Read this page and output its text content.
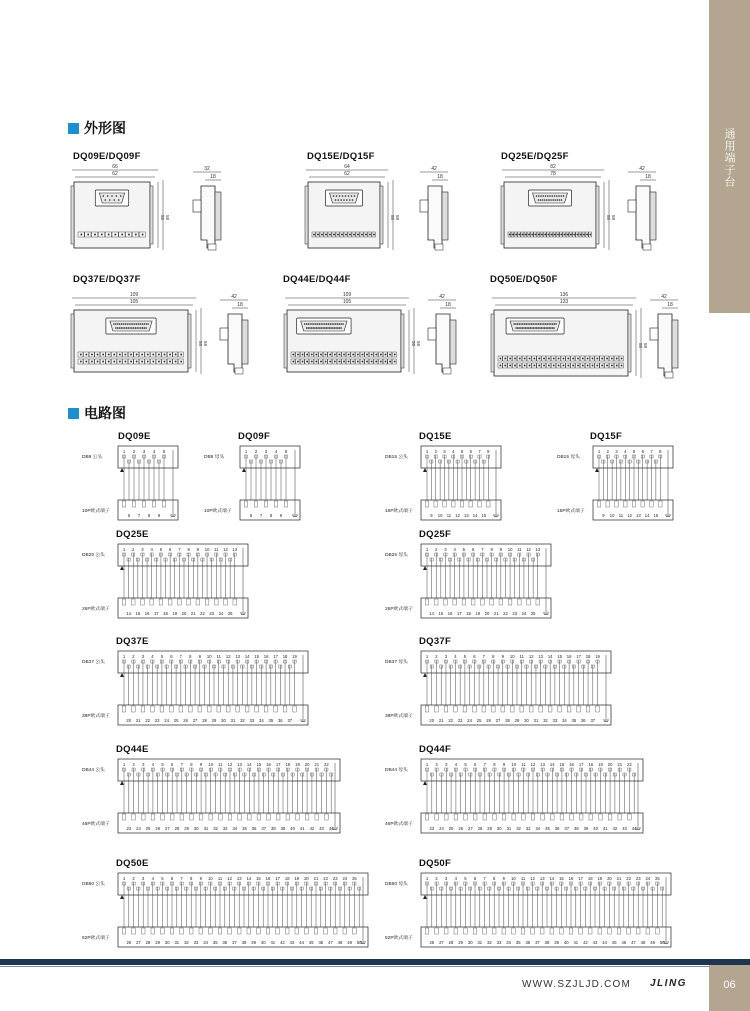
通用端子台
外形图
DQ09E/DQ09F	DQ15E/DQ15F	DQ25E/DQ25F
DQ37E/DQ37F	DQ44E/DQ44F	DQ50E/DQ50F
66
62
55 58
32
18
64
62
55 58
42
18
82
78
55 58
42
18
109
105
55 58
42
18
109
105
55 58
42
18
136
133
55 58
42
18
电路图
DQ09E	DQ09F	DQ15E	DQ15F
DQ25E	DQ25F
DQ37E	DQ37F
DQ44E	DQ44F
DQ50E	DQ50F
DB9 公头
10P欧式端子
1 2 3 4 5
6 7 8 9
DB9 母头
10P欧式端子
1 2 3 4 5
6 7 8 9
DB15 公头
16P欧式端子
1 2 3 4 5 6 7 8
9 10 11 12 13 14 15
DB15 母头
16P欧式端子
1 2 3 4 5 6 7 8
9 10 11 12 13 14 15
DB25 公头
26P欧式端子
1 2 3 4 5 6 7 8 9 10 11 12 13
14 15 16 17 18 19 20 21 22 23 24 25
DB25 母头
26P欧式端子
1 2 3 4 5 6 7 8 9 10 11 12 13
14 15 16 17 18 19 20 21 22 23 24 25
DB37 公头
38P欧式端子
1 2 3 4 5 6 7 8 9 10 11 12 13 14 15 16 17 18 19
20 21 22 23 24 25 26 27 28 29 30 31 32 33 34 35 36 37
DB37 母头
38P欧式端子
1 2 3 4 5 6 7 8 9 10 11 12 13 14 15 16 17 18 19
20 21 22 23 24 25 26 27 28 29 30 31 32 33 34 35 36 37
DB44 公头
46P欧式端子
1 2 3 4 5 6 7 8 9 10 11 12 13 14 15 16 17 18 19 20 21 22
23 24 25 26 27 28 29 30 31 32 33 34 35 36 37 38 39 40 41 42 43 44
DB44 母头
46P欧式端子
1 2 3 4 5 6 7 8 9 10 11 12 13 14 15 16 17 18 19 20 21 22
23 24 25 26 27 28 29 30 31 32 33 34 35 36 37 38 39 40 41 42 43 44
DB50 公头
52P欧式端子
1 2 3 4 5 6 7 8 9 10 11 12 13 14 15 16 17 18 19 20 21 22 23 24 25
26 27 28 29 30 31 32 33 34 35 36 37 38 39 40 41 42 43 44 45 46 47 48 49 50
DB50 母头
52P欧式端子
1 2 3 4 5 6 7 8 9 10 11 12 13 14 15 16 17 18 19 20 21 22 23 24 25
26 27 28 29 30 31 32 33 34 35 36 37 38 39 40 41 42 43 44 45 46 47 48 49 50
WWW.SZJLJD.COM JLING	06
